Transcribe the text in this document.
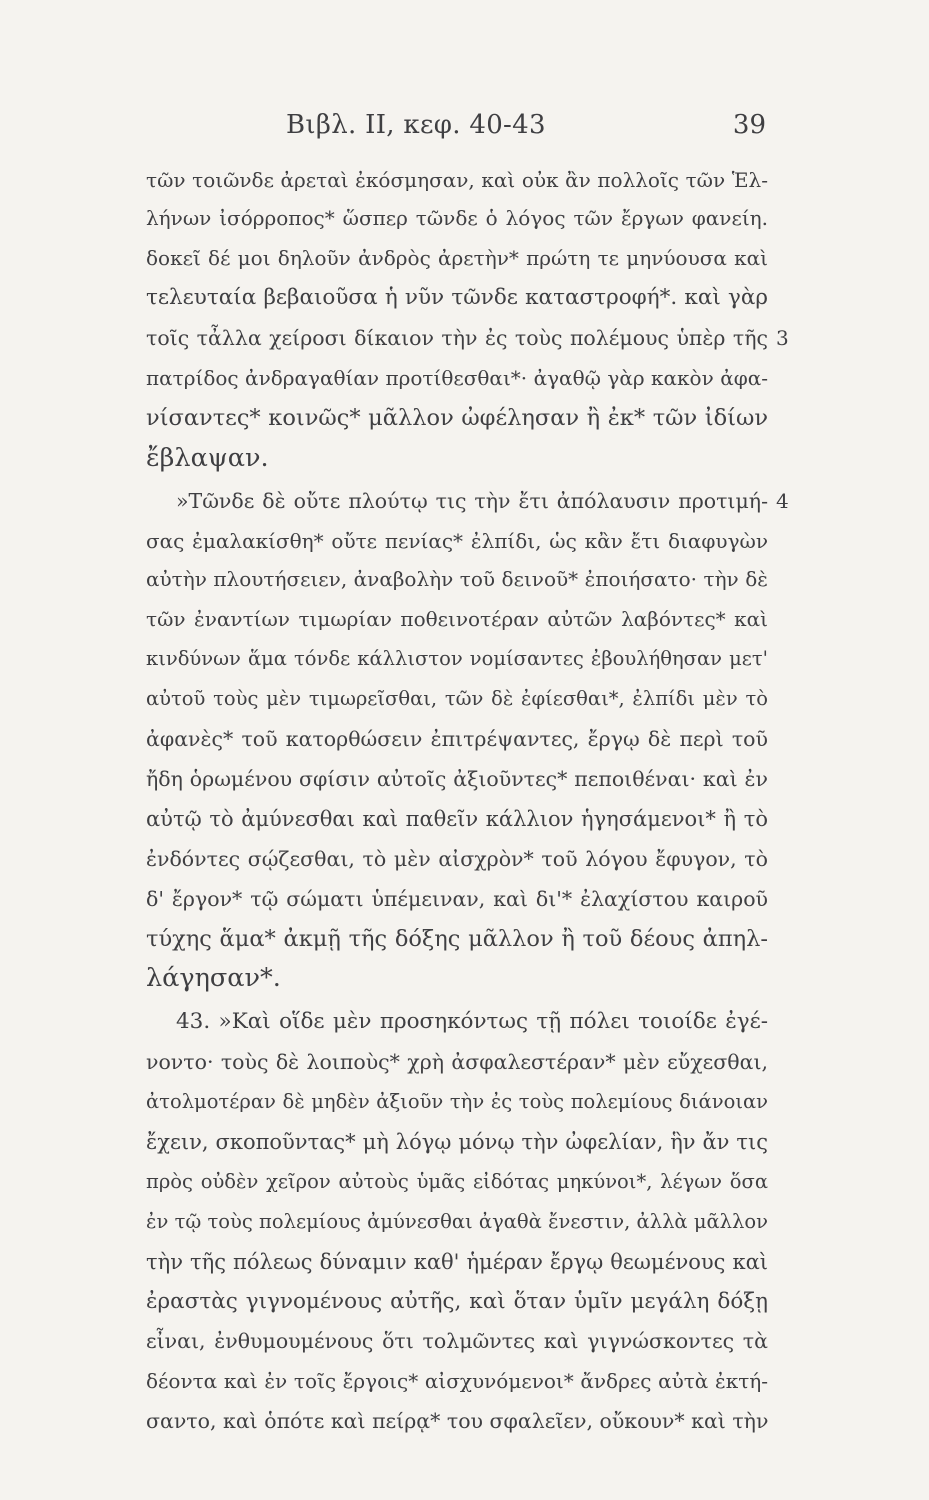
Βιβλ. ΙΙ, κεφ. 40-43	39
3
4
τῶν τοιῶνδε ἀρεταὶ ἐκόσμησαν, καὶ οὐκ ἂν πολλοῖς τῶν Ἑλ-
λήνων ἰσόρροπος* ὥσπερ τῶνδε ὁ λόγος τῶν ἔργων φανείη.
δοκεῖ δέ μοι δηλοῦν ἀνδρὸς ἀρετὴν* πρώτη τε μηνύουσα καὶ
τελευταία βεβαιοῦσα ἡ νῦν τῶνδε καταστροφή*. καὶ γὰρ
τοῖς τἆλλα χείροσι δίκαιον τὴν ἐς τοὺς πολέμους ὑπὲρ τῆς
πατρίδος ἀνδραγαθίαν προτίθεσθαι*· ἀγαθῷ γὰρ κακὸν ἀφα-
νίσαντες* κοινῶς* μᾶλλον ὠφέλησαν ἢ ἐκ* τῶν ἰδίων
ἔβλαψαν.
»Τῶνδε δὲ οὔτε πλούτῳ τις τὴν ἔτι ἀπόλαυσιν προτιμή-
σας ἐμαλακίσθη* οὔτε πενίας* ἐλπίδι, ὡς κἂν ἔτι διαφυγὼν
αὐτὴν πλουτήσειεν, ἀναβολὴν τοῦ δεινοῦ* ἐποιήσατο· τὴν δὲ
τῶν ἐναντίων τιμωρίαν ποθεινοτέραν αὐτῶν λαβόντες* καὶ
κινδύνων ἅμα τόνδε κάλλιστον νομίσαντες ἐβουλήθησαν μετ'
αὐτοῦ τοὺς μὲν τιμωρεῖσθαι, τῶν δὲ ἐφίεσθαι*, ἐλπίδι μὲν τὸ
ἀφανὲς* τοῦ κατορθώσειν ἐπιτρέψαντες, ἔργῳ δὲ περὶ τοῦ
ἤδη ὁρωμένου σφίσιν αὐτοῖς ἀξιοῦντες* πεποιθέναι· καὶ ἐν
αὐτῷ τὸ ἀμύνεσθαι καὶ παθεῖν κάλλιον ἡγησάμενοι* ἢ τὸ
ἐνδόντες σῴζεσθαι, τὸ μὲν αἰσχρὸν* τοῦ λόγου ἔφυγον, τὸ
δ' ἔργον* τῷ σώματι ὑπέμειναν, καὶ δι'* ἐλαχίστου καιροῦ
τύχης ἅμα* ἀκμῇ τῆς δόξης μᾶλλον ἢ τοῦ δέους ἀπηλ-
λάγησαν*.
43. »Καὶ οἵδε μὲν προσηκόντως τῇ πόλει τοιοίδε ἐγέ-
νοντο· τοὺς δὲ λοιποὺς* χρὴ ἀσφαλεστέραν* μὲν εὔχεσθαι,
ἀτολμοτέραν δὲ μηδὲν ἀξιοῦν τὴν ἐς τοὺς πολεμίους διάνοιαν
ἔχειν, σκοποῦντας* μὴ λόγῳ μόνῳ τὴν ὠφελίαν, ἣν ἄν τις
πρὸς οὐδὲν χεῖρον αὐτοὺς ὑμᾶς εἰδότας μηκύνοι*, λέγων ὅσα
ἐν τῷ τοὺς πολεμίους ἀμύνεσθαι ἀγαθὰ ἔνεστιν, ἀλλὰ μᾶλλον
τὴν τῆς πόλεως δύναμιν καθ' ἡμέραν ἔργῳ θεωμένους καὶ
ἐραστὰς γιγνομένους αὐτῆς, καὶ ὅταν ὑμῖν μεγάλη δόξῃ
εἶναι, ἐνθυμουμένους ὅτι τολμῶντες καὶ γιγνώσκοντες τὰ
δέοντα καὶ ἐν τοῖς ἔργοις* αἰσχυνόμενοι* ἄνδρες αὐτὰ ἐκτή-
σαντο, καὶ ὁπότε καὶ πείρᾳ* του σφαλεῖεν, οὔκουν* καὶ τὴν
